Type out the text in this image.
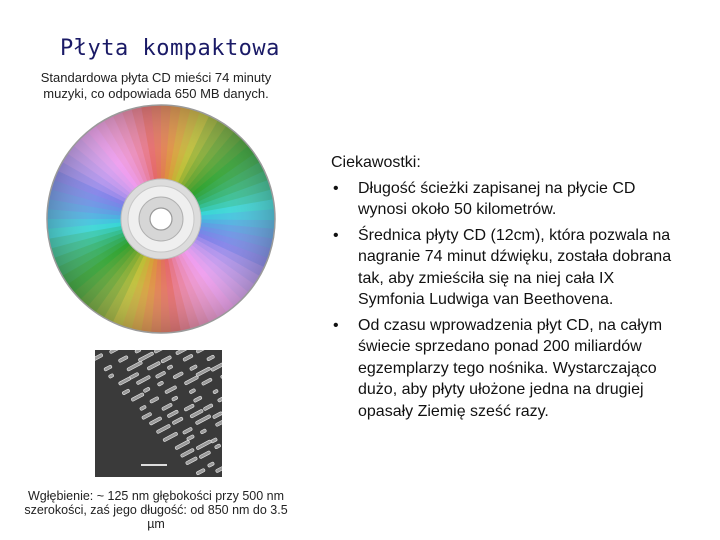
Płyta kompaktowa
Standardowa płyta CD mieści 74 minuty muzyki, co odpowiada 650 MB danych.
Wgłębienie: ~ 125 nm głębokości przy 500 nm szerokości, zaś jego długość: od 850 nm do 3.5 µm
Ciekawostki:
• Długość ścieżki zapisanej na płycie CD wynosi około 50 kilometrów.
• Średnica płyty CD (12cm), która pozwala na nagranie 74 minut dźwięku, została dobrana tak, aby zmieściła się na niej cała IX Symfonia Ludwiga van Beethovena.
• Od czasu wprowadzenia płyt CD, na całym świecie sprzedano ponad 200 miliardów egzemplarzy tego nośnika. Wystarczająco dużo, aby płyty ułożone jedna na drugiej opasały Ziemię sześć razy.
